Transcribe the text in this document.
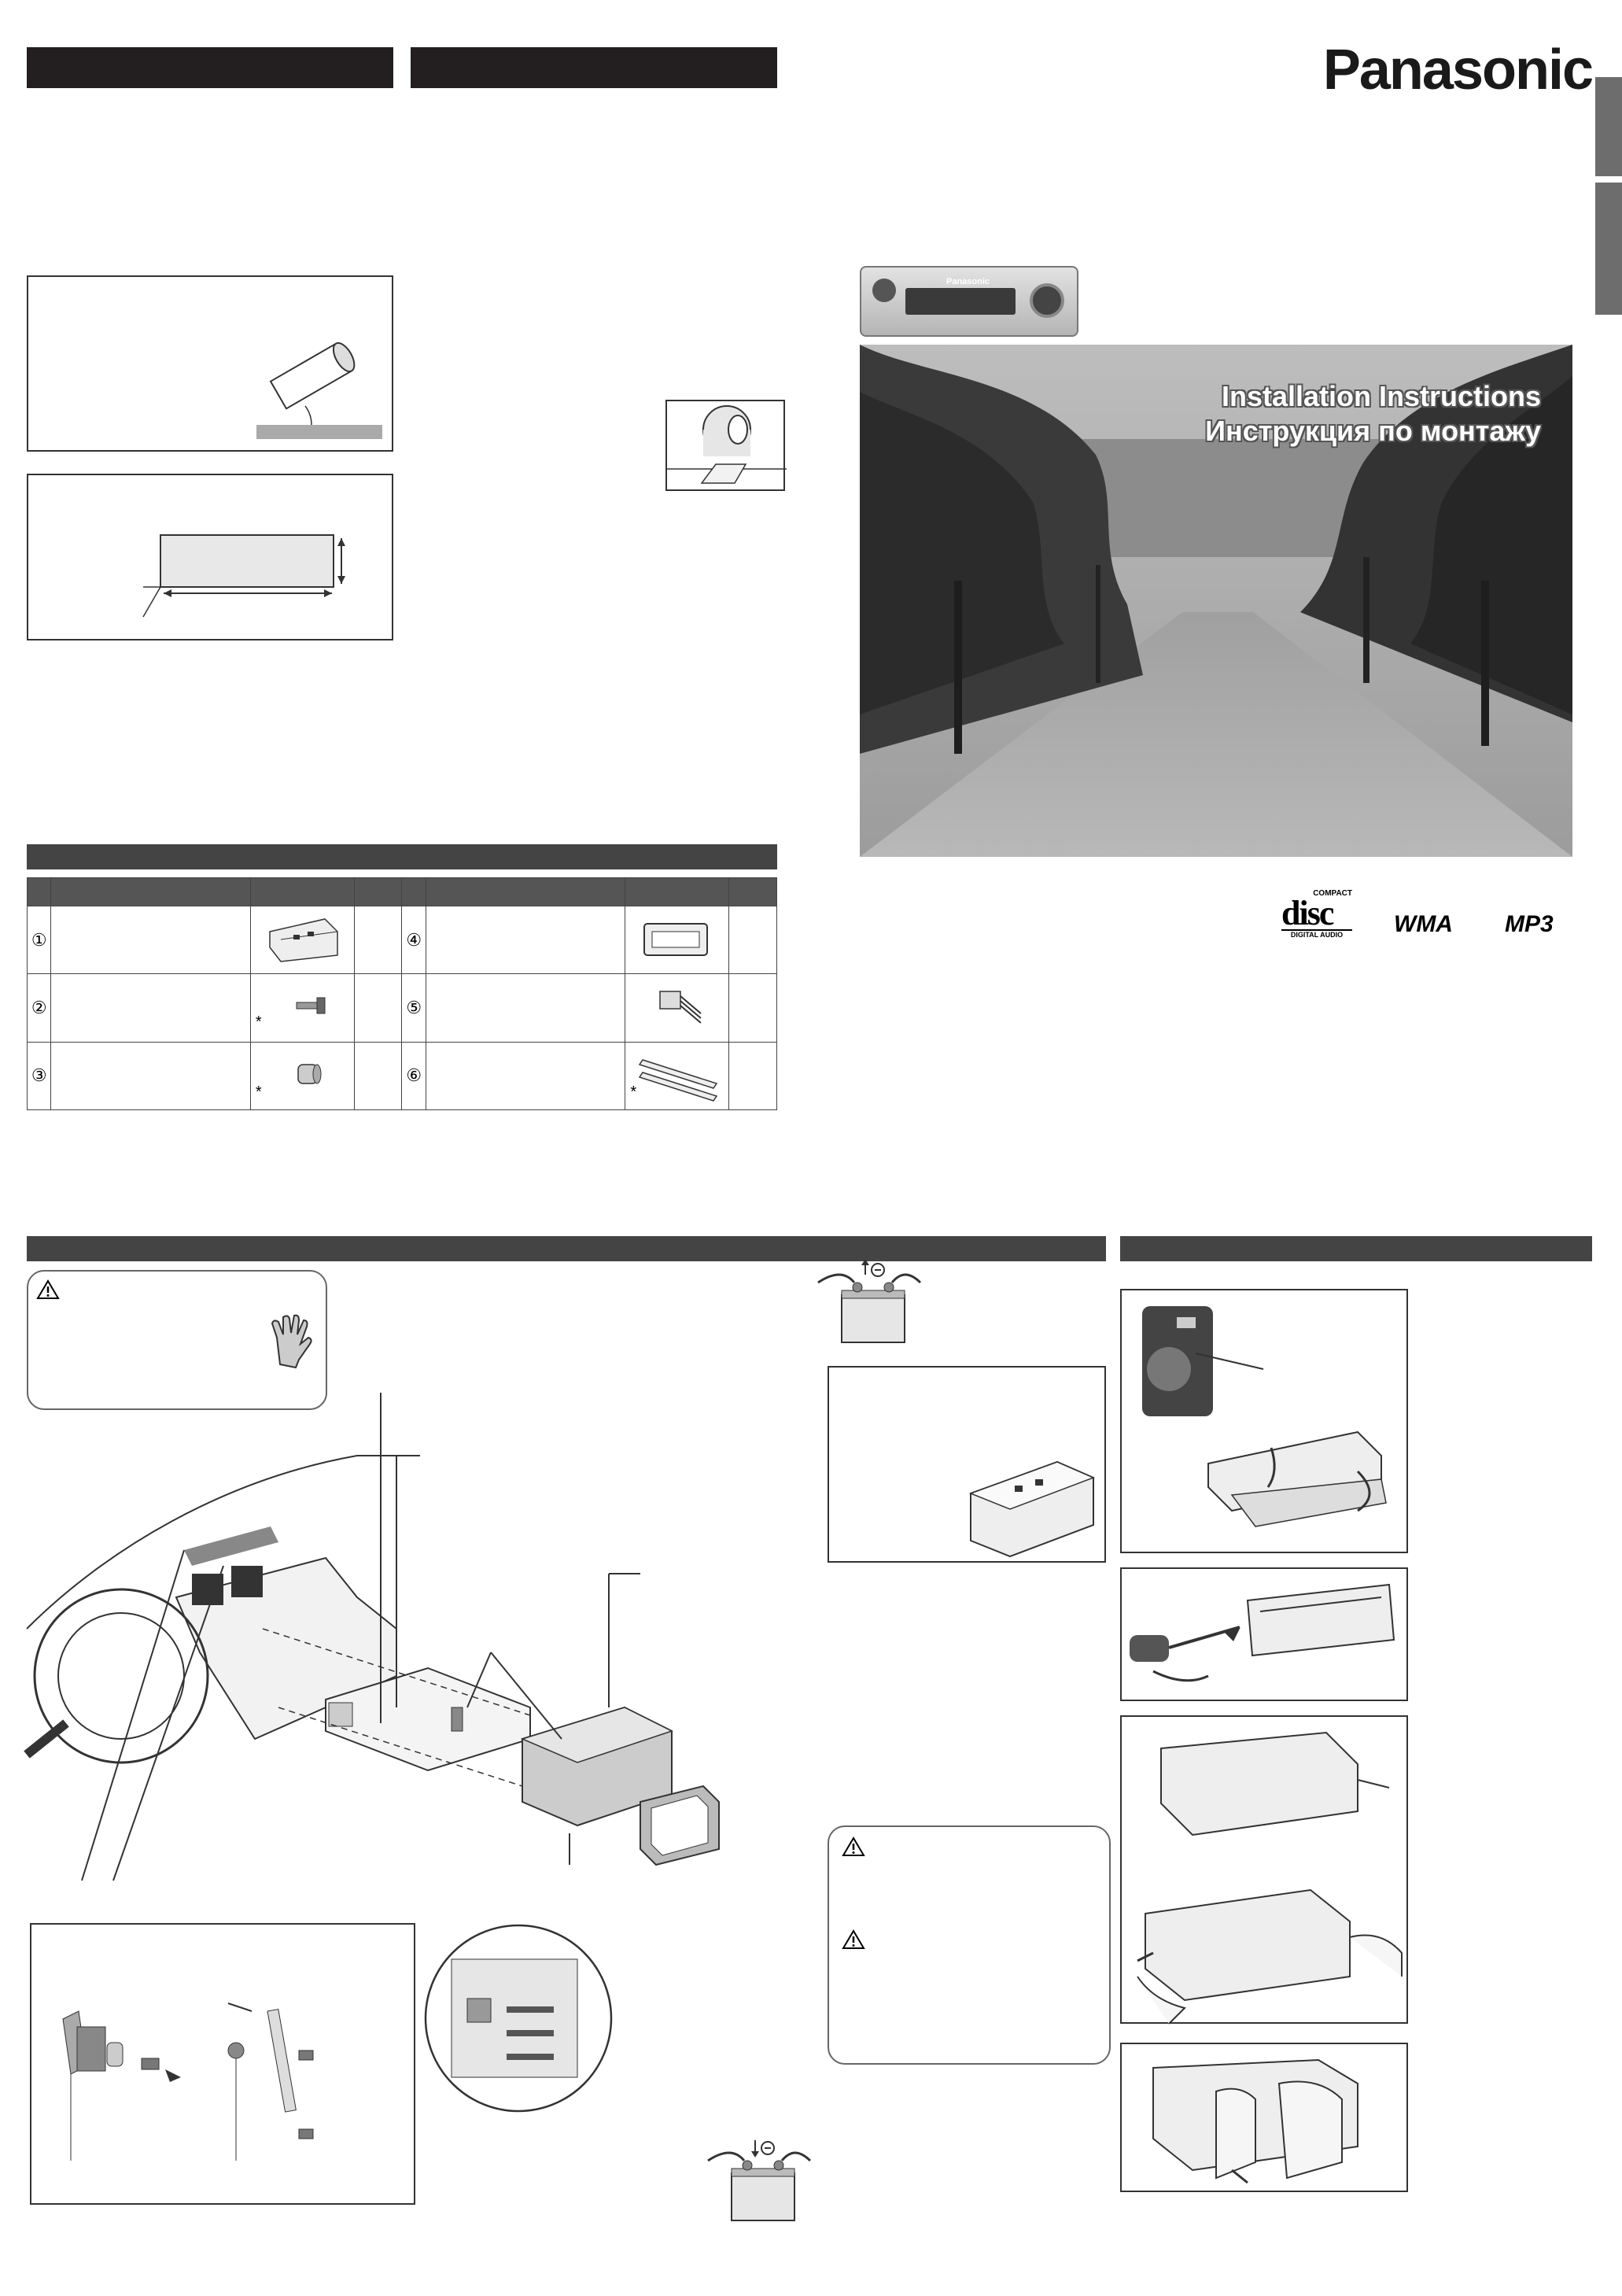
Panasonic
Panasonic
Installation Instructions
Инструкция по монтажу

①				④		

②		*		⑤		

③		*		⑥		*	

COMPACT
disc
DIGITAL AUDIO	WMA MP3
